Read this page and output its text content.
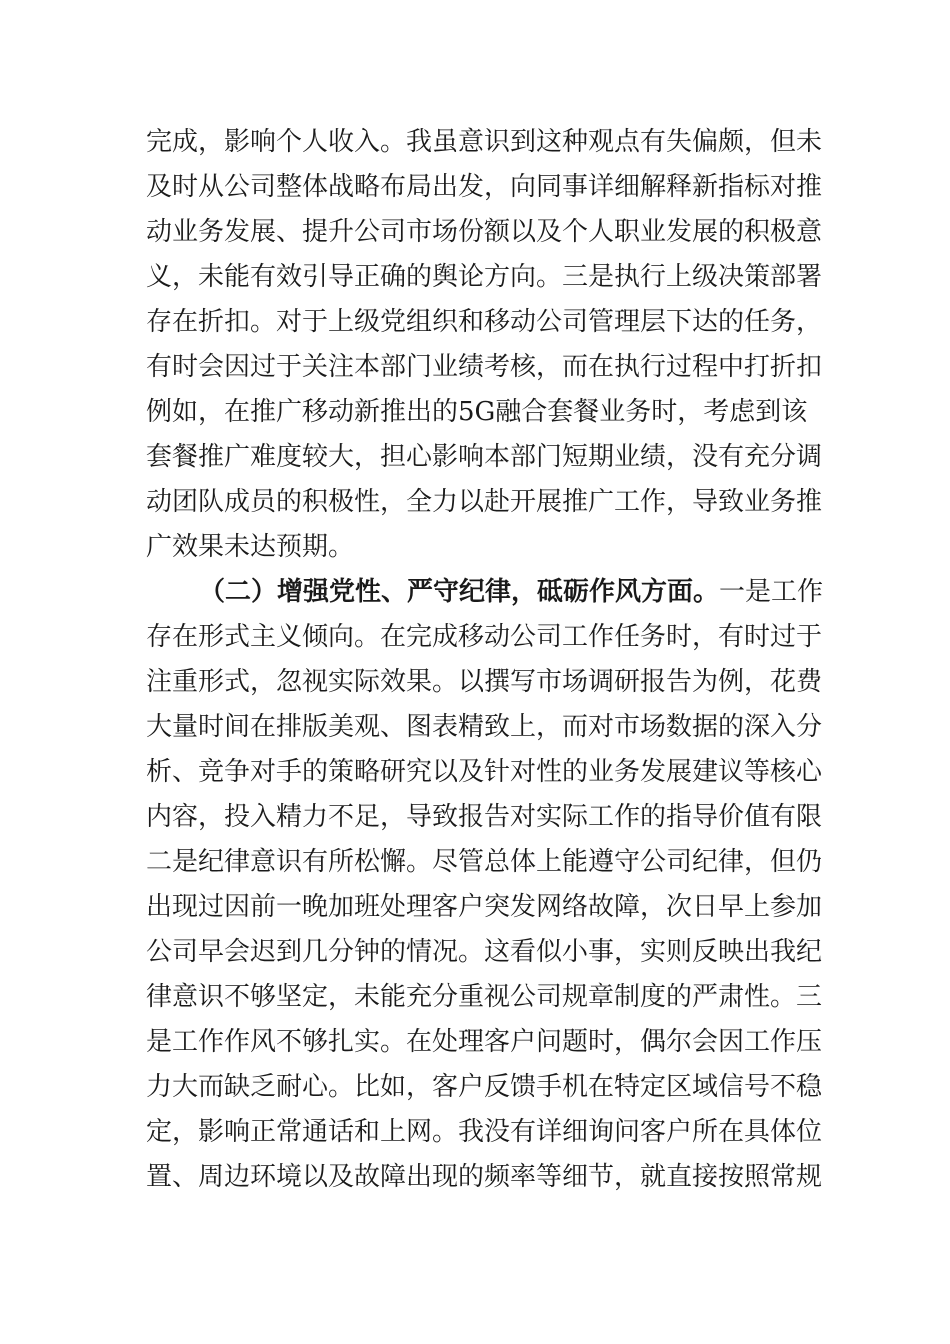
完成，影响个人收入。我虽意识到这种观点有失偏颇，但未
及时从公司整体战略布局出发，向同事详细解释新指标对推
动业务发展、提升公司市场份额以及个人职业发展的积极意
义，未能有效引导正确的舆论方向。三是执行上级决策部署
存在折扣。对于上级党组织和移动公司管理层下达的任务，
有时会因过于关注本部门业绩考核，而在执行过程中打折扣
例如，在推广移动新推出的5G融合套餐业务时，考虑到该
套餐推广难度较大，担心影响本部门短期业绩，没有充分调
动团队成员的积极性，全力以赴开展推广工作，导致业务推
广效果未达预期。
（二）增强党性、严守纪律，砥砺作风方面。一是工作
存在形式主义倾向。在完成移动公司工作任务时，有时过于
注重形式，忽视实际效果。以撰写市场调研报告为例，花费
大量时间在排版美观、图表精致上，而对市场数据的深入分
析、竞争对手的策略研究以及针对性的业务发展建议等核心
内容，投入精力不足，导致报告对实际工作的指导价值有限
二是纪律意识有所松懈。尽管总体上能遵守公司纪律，但仍
出现过因前一晚加班处理客户突发网络故障，次日早上参加
公司早会迟到几分钟的情况。这看似小事，实则反映出我纪
律意识不够坚定，未能充分重视公司规章制度的严肃性。三
是工作作风不够扎实。在处理客户问题时，偶尔会因工作压
力大而缺乏耐心。比如，客户反馈手机在特定区域信号不稳
定，影响正常通话和上网。我没有详细询问客户所在具体位
置、周边环境以及故障出现的频率等细节，就直接按照常规
